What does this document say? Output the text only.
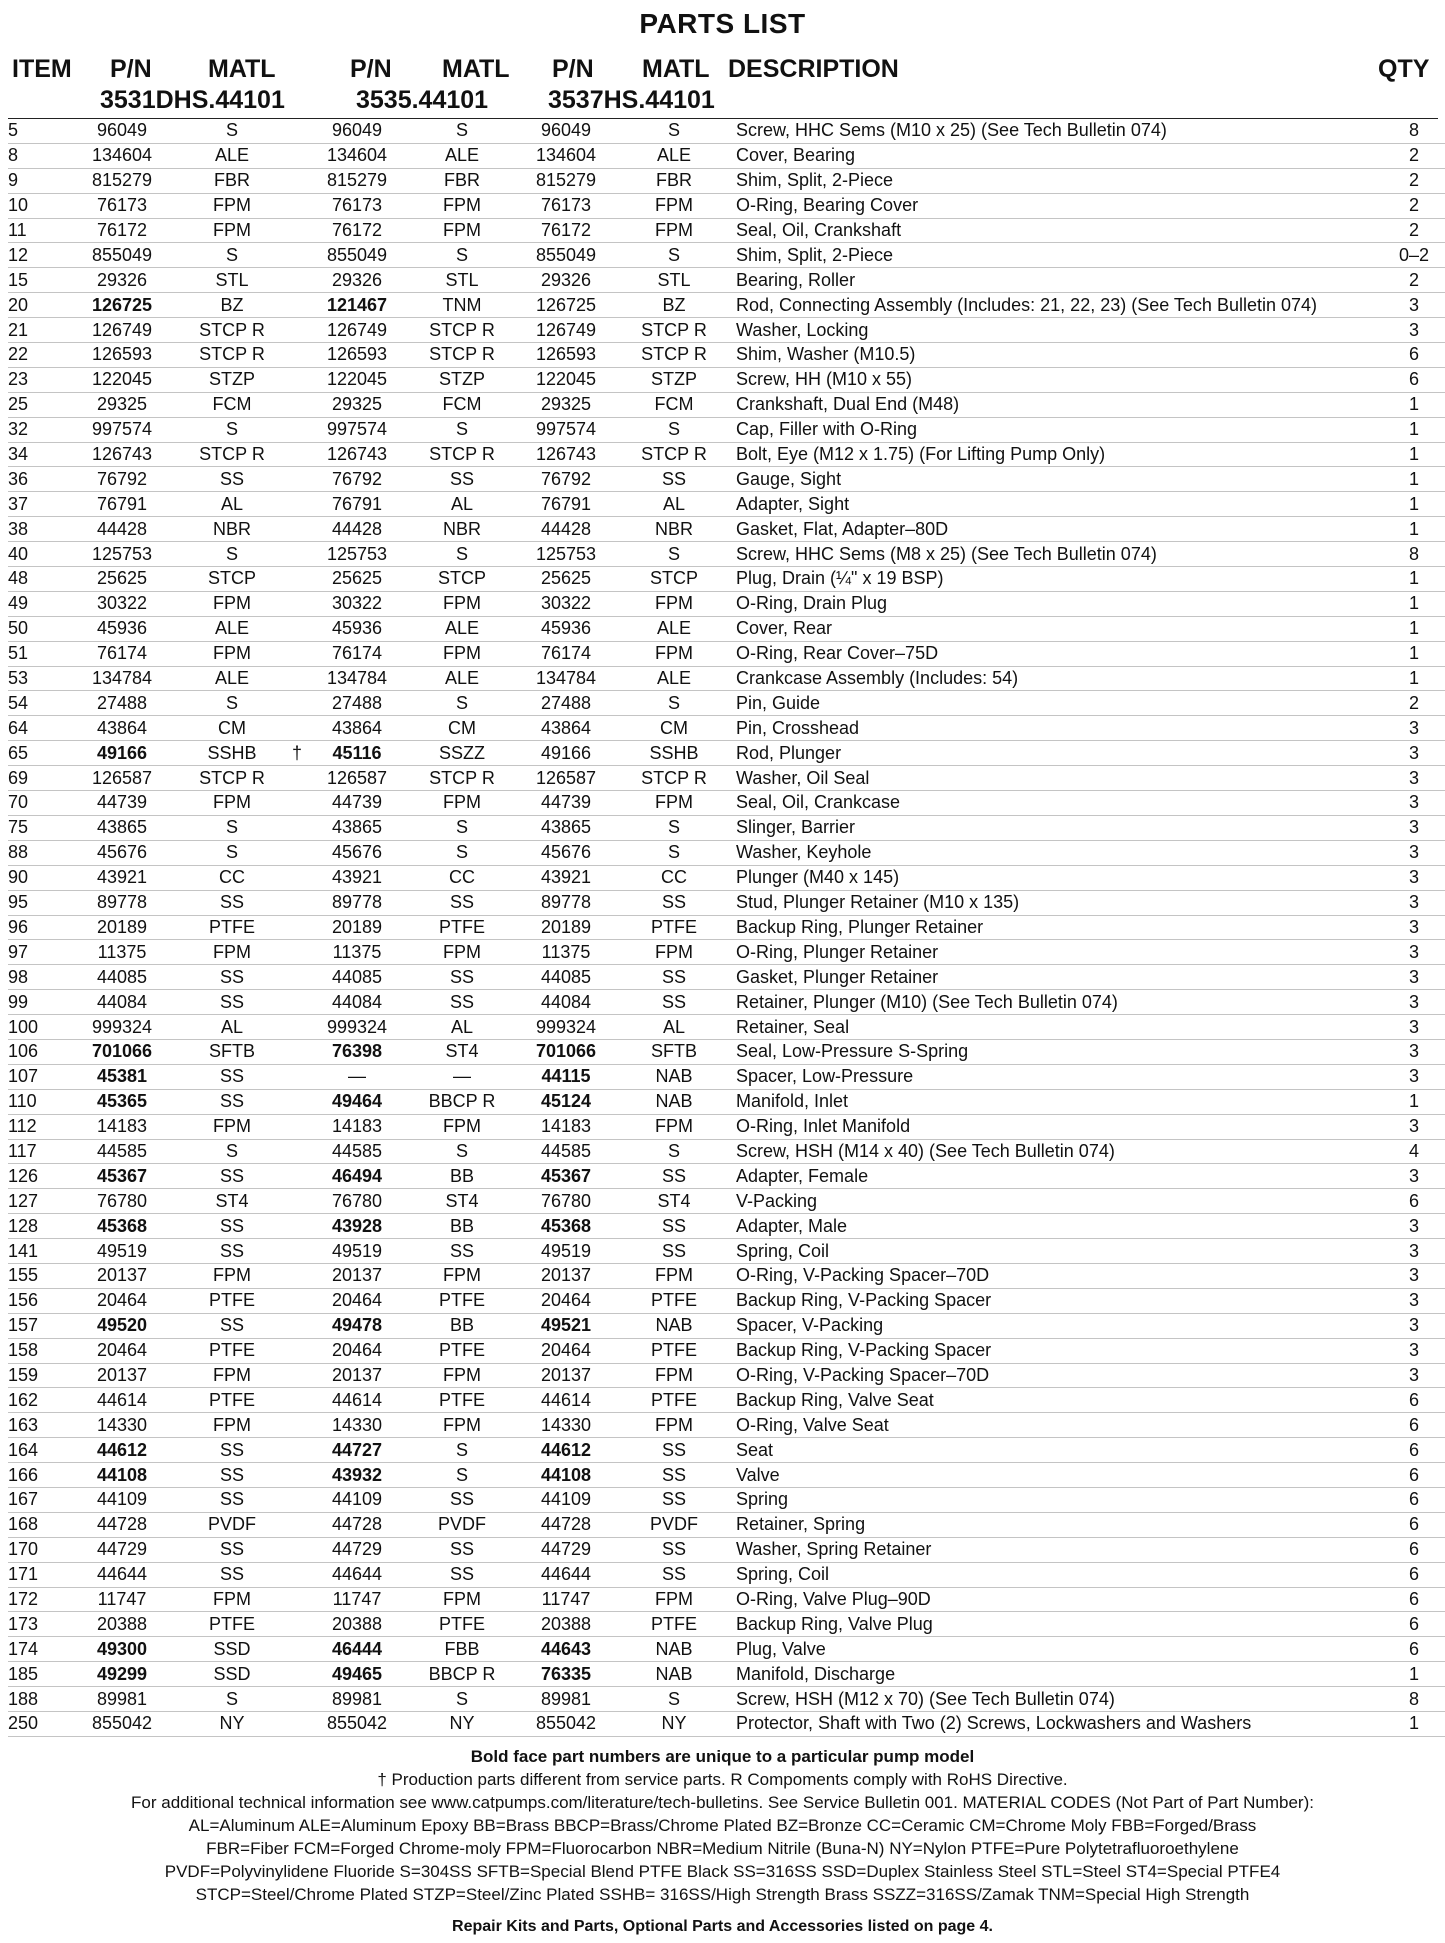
PARTS LIST
ITEM P/N MATL	P/N MATL P/N MATL DESCRIPTION	QTY
3531DHS.44101	3535.44101 3537HS.44101
5	96049	S		96049	S	96049	S	Screw, HHC Sems (M10 x 25) (See Tech Bulletin 074)	8
8	134604	ALE		134604	ALE	134604	ALE	Cover, Bearing	2
9	815279	FBR		815279	FBR	815279	FBR	Shim, Split, 2-Piece	2
10	76173	FPM		76173	FPM	76173	FPM	O-Ring, Bearing Cover	2
11	76172	FPM		76172	FPM	76172	FPM	Seal, Oil, Crankshaft	2
12	855049	S		855049	S	855049	S	Shim, Split, 2-Piece	0–2
15	29326	STL		29326	STL	29326	STL	Bearing, Roller	2
20	126725	BZ		121467	TNM	126725	BZ	Rod, Connecting Assembly (Includes: 21, 22, 23) (See Tech Bulletin 074)	3
21	126749	STCP R		126749	STCP R	126749	STCP R	Washer, Locking	3
22	126593	STCP R		126593	STCP R	126593	STCP R	Shim, Washer (M10.5)	6
23	122045	STZP		122045	STZP	122045	STZP	Screw, HH (M10 x 55)	6
25	29325	FCM		29325	FCM	29325	FCM	Crankshaft, Dual End (M48)	1
32	997574	S		997574	S	997574	S	Cap, Filler with O-Ring	1
34	126743	STCP R		126743	STCP R	126743	STCP R	Bolt, Eye (M12 x 1.75) (For Lifting Pump Only)	1
36	76792	SS		76792	SS	76792	SS	Gauge, Sight	1
37	76791	AL		76791	AL	76791	AL	Adapter, Sight	1
38	44428	NBR		44428	NBR	44428	NBR	Gasket, Flat, Adapter–80D	1
40	125753	S		125753	S	125753	S	Screw, HHC Sems (M8 x 25) (See Tech Bulletin 074)	8
48	25625	STCP		25625	STCP	25625	STCP	Plug, Drain (¼" x 19 BSP)	1
49	30322	FPM		30322	FPM	30322	FPM	O-Ring, Drain Plug	1
50	45936	ALE		45936	ALE	45936	ALE	Cover, Rear	1
51	76174	FPM		76174	FPM	76174	FPM	O-Ring, Rear Cover–75D	1
53	134784	ALE		134784	ALE	134784	ALE	Crankcase Assembly (Includes: 54)	1
54	27488	S		27488	S	27488	S	Pin, Guide	2
64	43864	CM		43864	CM	43864	CM	Pin, Crosshead	3
65	49166	SSHB	†	45116	SSZZ	49166	SSHB	Rod, Plunger	3
69	126587	STCP R		126587	STCP R	126587	STCP R	Washer, Oil Seal	3
70	44739	FPM		44739	FPM	44739	FPM	Seal, Oil, Crankcase	3
75	43865	S		43865	S	43865	S	Slinger, Barrier	3
88	45676	S		45676	S	45676	S	Washer, Keyhole	3
90	43921	CC		43921	CC	43921	CC	Plunger (M40 x 145)	3
95	89778	SS		89778	SS	89778	SS	Stud, Plunger Retainer (M10 x 135)	3
96	20189	PTFE		20189	PTFE	20189	PTFE	Backup Ring, Plunger Retainer	3
97	11375	FPM		11375	FPM	11375	FPM	O-Ring, Plunger Retainer	3
98	44085	SS		44085	SS	44085	SS	Gasket, Plunger Retainer	3
99	44084	SS		44084	SS	44084	SS	Retainer, Plunger (M10) (See Tech Bulletin 074)	3
100	999324	AL		999324	AL	999324	AL	Retainer, Seal	3
106	701066	SFTB		76398	ST4	701066	SFTB	Seal, Low-Pressure S-Spring	3
107	45381	SS		—	—	44115	NAB	Spacer, Low-Pressure	3
110	45365	SS		49464	BBCP R	45124	NAB	Manifold, Inlet	1
112	14183	FPM		14183	FPM	14183	FPM	O-Ring, Inlet Manifold	3
117	44585	S		44585	S	44585	S	Screw, HSH (M14 x 40) (See Tech Bulletin 074)	4
126	45367	SS		46494	BB	45367	SS	Adapter, Female	3
127	76780	ST4		76780	ST4	76780	ST4	V-Packing	6
128	45368	SS		43928	BB	45368	SS	Adapter, Male	3
141	49519	SS		49519	SS	49519	SS	Spring, Coil	3
155	20137	FPM		20137	FPM	20137	FPM	O-Ring, V-Packing Spacer–70D	3
156	20464	PTFE		20464	PTFE	20464	PTFE	Backup Ring, V-Packing Spacer	3
157	49520	SS		49478	BB	49521	NAB	Spacer, V-Packing	3
158	20464	PTFE		20464	PTFE	20464	PTFE	Backup Ring, V-Packing Spacer	3
159	20137	FPM		20137	FPM	20137	FPM	O-Ring, V-Packing Spacer–70D	3
162	44614	PTFE		44614	PTFE	44614	PTFE	Backup Ring, Valve Seat	6
163	14330	FPM		14330	FPM	14330	FPM	O-Ring, Valve Seat	6
164	44612	SS		44727	S	44612	SS	Seat	6
166	44108	SS		43932	S	44108	SS	Valve	6
167	44109	SS		44109	SS	44109	SS	Spring	6
168	44728	PVDF		44728	PVDF	44728	PVDF	Retainer, Spring	6
170	44729	SS		44729	SS	44729	SS	Washer, Spring Retainer	6
171	44644	SS		44644	SS	44644	SS	Spring, Coil	6
172	11747	FPM		11747	FPM	11747	FPM	O-Ring, Valve Plug–90D	6
173	20388	PTFE		20388	PTFE	20388	PTFE	Backup Ring, Valve Plug	6
174	49300	SSD		46444	FBB	44643	NAB	Plug, Valve	6
185	49299	SSD		49465	BBCP R	76335	NAB	Manifold, Discharge	1
188	89981	S		89981	S	89981	S	Screw, HSH (M12 x 70) (See Tech Bulletin 074)	8
250	855042	NY		855042	NY	855042	NY	Protector, Shaft with Two (2) Screws, Lockwashers and Washers	1
Bold face part numbers are unique to a particular pump model
† Production parts different from service parts. R Compoments comply with RoHS Directive.
For additional technical information see www.catpumps.com/literature/tech-bulletins. See Service Bulletin 001. MATERIAL CODES (Not Part of Part Number):
AL=Aluminum ALE=Aluminum Epoxy BB=Brass BBCP=Brass/Chrome Plated BZ=Bronze CC=Ceramic CM=Chrome Moly FBB=Forged/Brass
FBR=Fiber FCM=Forged Chrome-moly FPM=Fluorocarbon NBR=Medium Nitrile (Buna-N) NY=Nylon PTFE=Pure Polytetrafluoroethylene
PVDF=Polyvinylidene Fluoride S=304SS SFTB=Special Blend PTFE Black SS=316SS SSD=Duplex Stainless Steel STL=Steel ST4=Special PTFE4
STCP=Steel/Chrome Plated STZP=Steel/Zinc Plated SSHB= 316SS/High Strength Brass SSZZ=316SS/Zamak TNM=Special High Strength
Repair Kits and Parts, Optional Parts and Accessories listed on page 4.
